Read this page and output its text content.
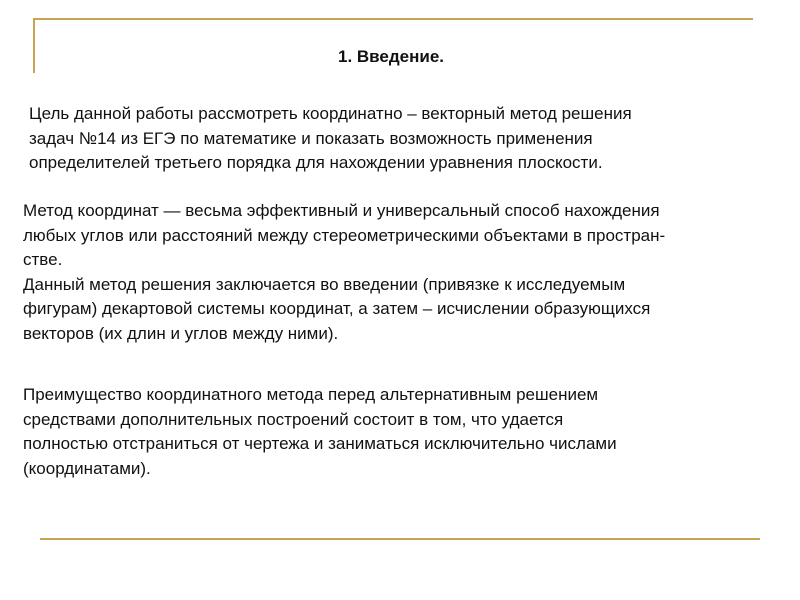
1. Введение.

Цель данной работы рассмотреть координатно – векторный метод решения
задач №14 из ЕГЭ по математике и показать возможность применения
определителей третьего порядка для нахождении уравнения плоскости.

Метод координат — весьма эффективный и универсальный способ нахождения
любых углов или расстояний между стереометрическими объектами в простран-
стве.
Данный метод решения заключается во введении (привязке к исследуемым
фигурам) декартовой системы координат, а затем – исчислении образующихся
векторов (их длин и углов между ними).

Преимущество координатного метода перед альтернативным решением
средствами дополнительных построений состоит в том, что удается
полностью отстраниться от чертежа и заниматься исключительно числами
(координатами).
